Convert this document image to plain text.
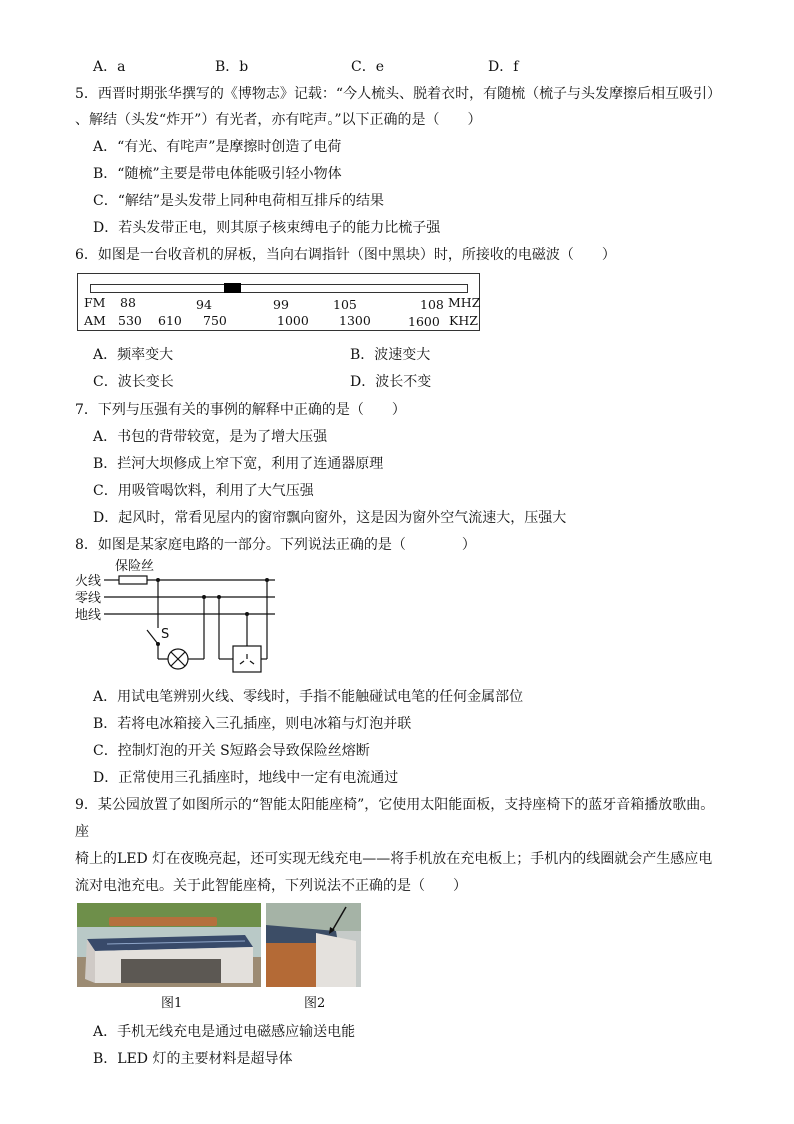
A．a	B．b	C．e	D．f
5．西晋时期张华撰写的《博物志》记载：“今人梳头、脱着衣时，有随梳（梳子与头发摩擦后相互吸引）
、解结（头发“炸开”）有光者，亦有咤声。”以下正确的是（　　）
A．“有光、有咤声”是摩擦时创造了电荷
B．“随梳”主要是带电体能吸引轻小物体
C．“解结”是头发带上同种电荷相互排斥的结果
D．若头发带正电，则其原子核束缚电子的能力比梳子强
6．如图是一台收音机的屏板，当向右调指针（图中黑块）时，所接收的电磁波（　　）
FM 88	94	99	105	108 MHZ
AM 530 610 750	1000 1300	1600 KHZ
A．频率变大	B．波速变大
C．波长变长	D．波长不变
7．下列与压强有关的事例的解释中正确的是（　　）
A．书包的背带较宽，是为了增大压强
B．拦河大坝修成上窄下宽，利用了连通器原理
C．用吸管喝饮料，利用了大气压强
D．起风时，常看见屋内的窗帘飘向窗外，这是因为窗外空气流速大，压强大
8．如图是某家庭电路的一部分。下列说法正确的是（　　　　）
火线
零线
地线
保险丝
S
A．用试电笔辨别火线、零线时，手指不能触碰试电笔的任何金属部位
B．若将电冰箱接入三孔插座，则电冰箱与灯泡并联
C．控制灯泡的开关 S短路会导致保险丝熔断
D．正常使用三孔插座时，地线中一定有电流通过
9．某公园放置了如图所示的“智能太阳能座椅”，它使用太阳能面板，支持座椅下的蓝牙音箱播放歌曲。
座
椅上的LED 灯在夜晚亮起，还可实现无线充电——将手机放在充电板上；手机内的线圈就会产生感应电
流对电池充电。关于此智能座椅，下列说法不正确的是（　　）
图1	图2
A．手机无线充电是通过电磁感应输送电能
B．LED 灯的主要材料是超导体
